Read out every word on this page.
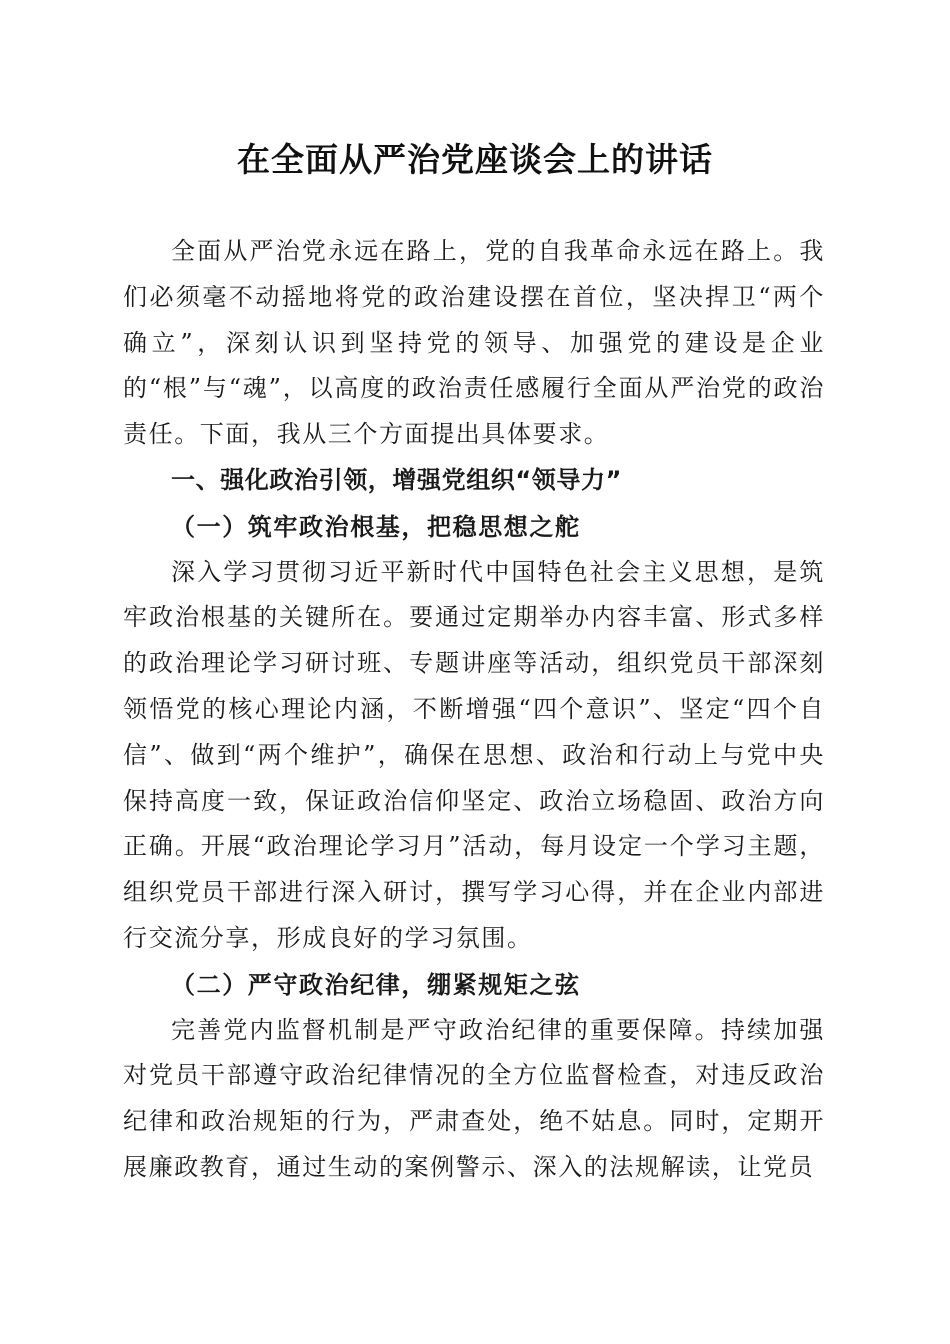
在全面从严治党座谈会上的讲话

全面从严治党永远在路上，党的自我革命永远在路上。我们必须毫不动摇地将党的政治建设摆在首位，坚决捍卫“两个确立”，深刻认识到坚持党的领导、加强党的建设是企业的“根”与“魂”，以高度的政治责任感履行全面从严治党的政治责任。下面，我从三个方面提出具体要求。

一、强化政治引领，增强党组织“领导力”

（一）筑牢政治根基，把稳思想之舵

深入学习贯彻习近平新时代中国特色社会主义思想，是筑牢政治根基的关键所在。要通过定期举办内容丰富、形式多样的政治理论学习研讨班、专题讲座等活动，组织党员干部深刻领悟党的核心理论内涵，不断增强“四个意识”、坚定“四个自信”、做到“两个维护”，确保在思想、政治和行动上与党中央保持高度一致，保证政治信仰坚定、政治立场稳固、政治方向正确。开展“政治理论学习月”活动，每月设定一个学习主题，组织党员干部进行深入研讨，撰写学习心得，并在企业内部进行交流分享，形成良好的学习氛围。

（二）严守政治纪律，绷紧规矩之弦

完善党内监督机制是严守政治纪律的重要保障。持续加强对党员干部遵守政治纪律情况的全方位监督检查，对违反政治纪律和政治规矩的行为，严肃查处，绝不姑息。同时，定期开展廉政教育，通过生动的案例警示、深入的法规解读，让党员
